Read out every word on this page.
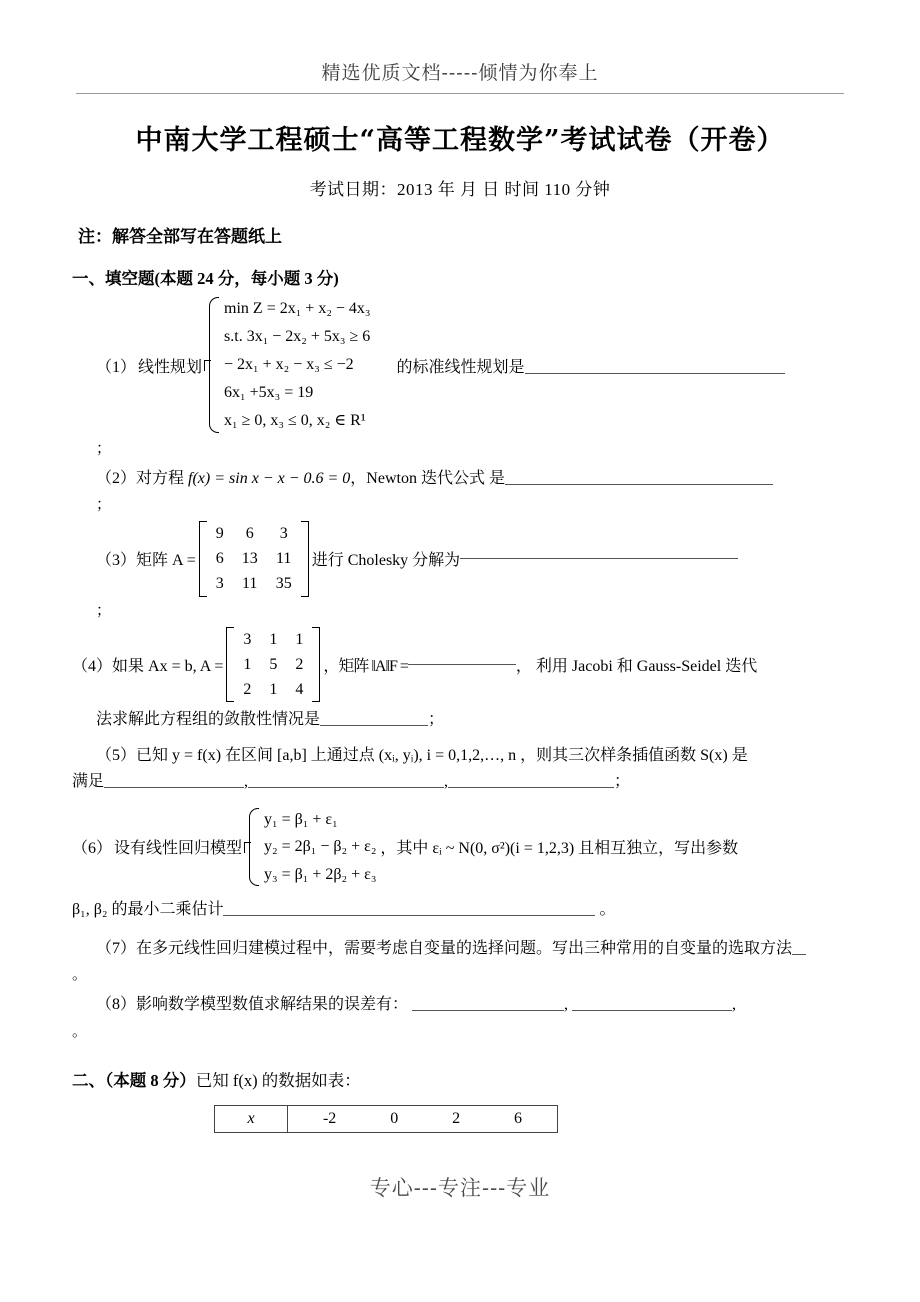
精选优质文档-----倾情为你奉上
中南大学工程硕士“高等工程数学”考试试卷（开卷）
考试日期：2013 年 月 日 时间 110 分钟
注：解答全部写在答题纸上
一、填空题(本题 24 分，每小题 3 分)
（1） 线性规划
min Z = 2x₁ + x₂ − 4x₃
s.t. 3x₁ − 2x₂ + 5x₃ ≥ 6
− 2x₁ + x₂ − x₃ ≤ −2
6x₁ +5x₃ = 19
x₁ ≥ 0, x₃ ≤ 0, x₂ ∈ R¹
的标准线性规划是
；
（2）对方程 f(x) = sin x − x − 0.6 = 0，Newton 迭代公式 是
；
（3） 矩阵 A =
9	6	3
6	13	11
3	11	35
进行 Cholesky 分解为
；
（4） 如果 Ax = b, A =
3	1	1
1	5	2
2	1	4
，矩阵 ‖A‖F =	， 利用 Jacobi 和 Gauss-Seidel 迭代
法求解此方程组的敛散性情况是	；
（5）已知 y = f(x) 在区间 [a,b] 上通过点 (xᵢ, yᵢ), i = 0,1,2,…, n ，则其三次样条插值函数 S(x) 是
满足	,	,	；
（6） 设有线性回归模型
y₁ = β₁ + ε₁
y₂ = 2β₁ − β₂ + ε₂
y₃ = β₁ + 2β₂ + ε₃
，其中 εᵢ ~ N(0, σ²)(i = 1,2,3) 且相互独立，写出参数
β₁, β₂ 的最小二乘估计	。
（7）在多元线性回归建模过程中，需要考虑自变量的选择问题。写出三种常用的自变量的选取方法
。
（8）影响数学模型数值求解结果的误差有：	,	,
。
二、（本题 8 分）已知 f(x) 的数据如表：
x	-2	0	2	6
专心---专注---专业
